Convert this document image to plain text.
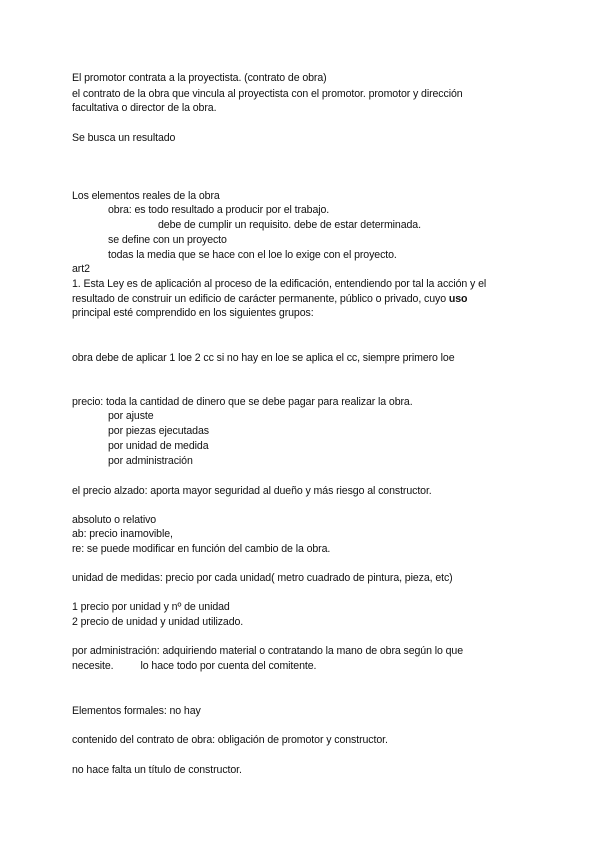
El promotor contrata a la proyectista. (contrato de obra)
el contrato de la obra que vincula al proyectista con el promotor. promotor y dirección
facultativa o director de la obra.
Se busca un resultado
Los elementos reales de la obra
obra: es todo resultado a producir por el trabajo.
debe de cumplir un requisito. debe de estar determinada.
se define con un proyecto
todas la media que se hace con el loe lo exige con el proyecto.
art2
1. Esta Ley es de aplicación al proceso de la edificación, entendiendo por tal la acción y el
resultado de construir un edificio de carácter permanente, público o privado, cuyo uso
principal esté comprendido en los siguientes grupos:
obra debe de aplicar 1 loe 2 cc si no hay en loe se aplica el cc, siempre primero loe
precio: toda la cantidad de dinero que se debe pagar para realizar la obra.
por ajuste
por piezas ejecutadas
por unidad de medida
por administración
el precio alzado: aporta mayor seguridad al dueño y más riesgo al constructor.
absoluto o relativo
ab: precio inamovible,
re: se puede modificar en función del cambio de la obra.
unidad de medidas: precio por cada unidad( metro cuadrado de pintura, pieza, etc)
1 precio por unidad y nº de unidad
2 precio de unidad y unidad utilizado.
por administración: adquiriendo material o contratando la mano de obra según lo que
necesite.	lo hace todo por cuenta del comitente.
Elementos formales: no hay
contenido del contrato de obra: obligación de promotor y constructor.
no hace falta un título de constructor.
